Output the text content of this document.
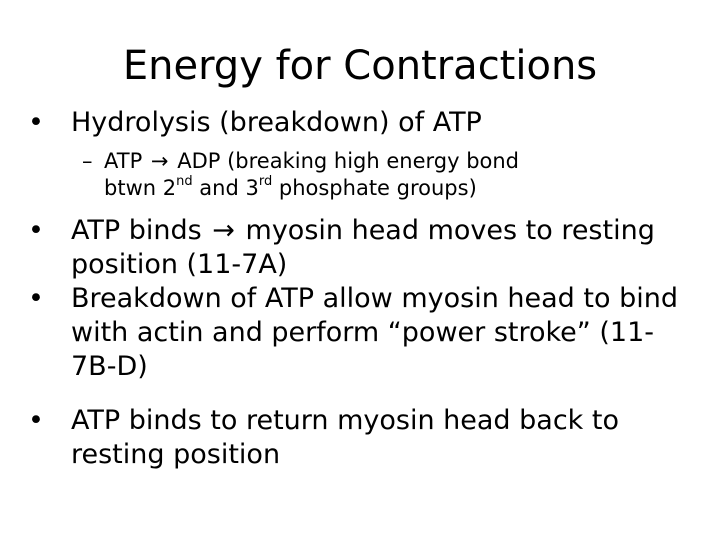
Energy for Contractions
•	Hydrolysis (breakdown) of ATP
– ATP → ADP (breaking high energy bond
btwn 2nd and 3rd phosphate groups)
•	ATP binds → myosin head moves to resting position (11-7A)
•	Breakdown of ATP allow myosin head to bind with actin and perform “power stroke” (11-7B-D)
•	ATP binds to return myosin head back to resting position
